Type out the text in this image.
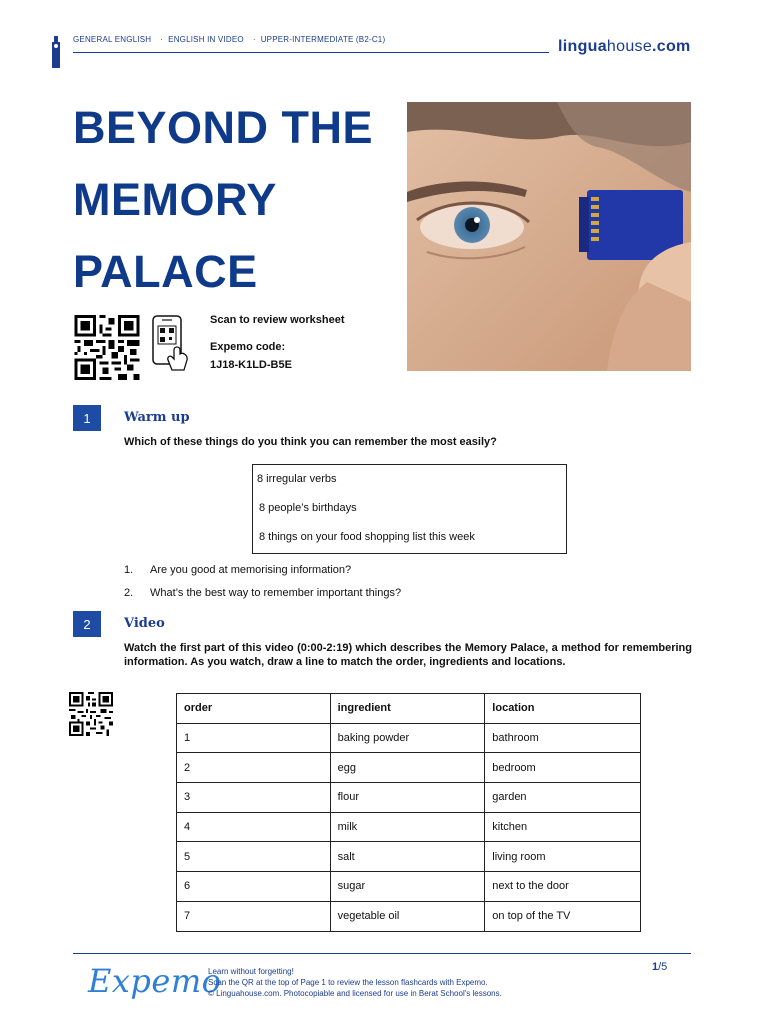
GENERAL ENGLISH · ENGLISH IN VIDEO · UPPER-INTERMEDIATE (B2-C1)	linguahouse.com
BEYOND THE
MEMORY
PALACE
Scan to review worksheet
Expemo code:
1J18-K1LD-B5E
1	Warm up
Which of these things do you think you can remember the most easily?
8 irregular verbs
8 people’s birthdays
8 things on your food shopping list this week
1.	Are you good at memorising information?
2.	What’s the best way to remember important things?
2	Video
Watch the first part of this video (0:00-2:19) which describes the Memory Palace, a method for remembering information. As you watch, draw a line to match the order, ingredients and locations.
order	ingredient	location
1	baking powder	bathroom
2	egg	bedroom
3	flour	garden
4	milk	kitchen
5	salt	living room
6	sugar	next to the door
7	vegetable oil	on top of the TV
Expemo
Learn without forgetting!
Scan the QR at the top of Page 1 to review the lesson flashcards with Expemo.
© Linguahouse.com. Photocopiable and licensed for use in Berat School's lessons.
1/5
